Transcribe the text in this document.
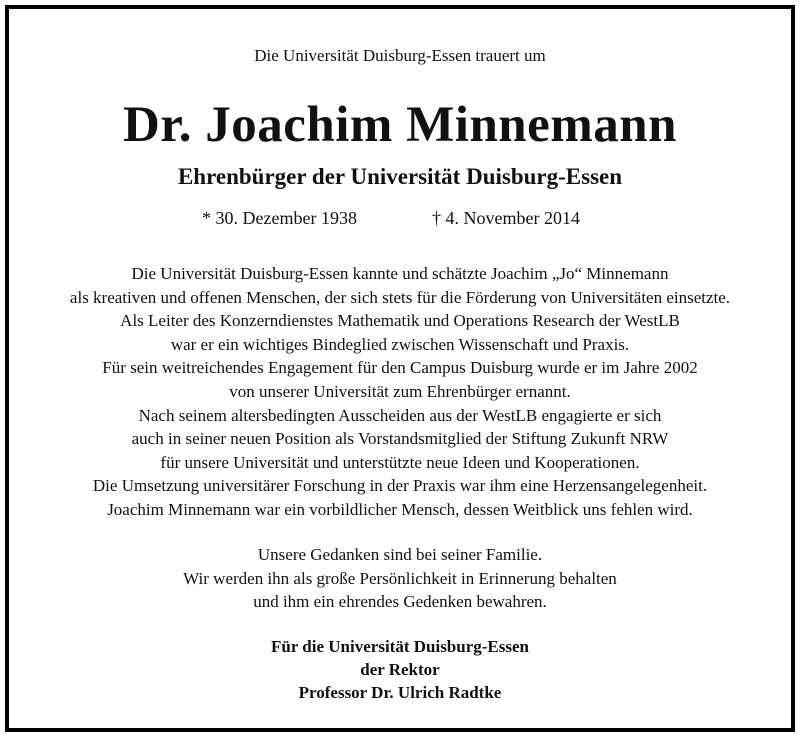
Die Universität Duisburg-Essen trauert um
Dr. Joachim Minnemann
Ehrenbürger der Universität Duisburg-Essen
* 30. Dezember 1938	† 4. November 2014
Die Universität Duisburg-Essen kannte und schätzte Joachim „Jo“ Minnemann
als kreativen und offenen Menschen, der sich stets für die Förderung von Universitäten einsetzte.
Als Leiter des Konzerndienstes Mathematik und Operations Research der WestLB
war er ein wichtiges Bindeglied zwischen Wissenschaft und Praxis.
Für sein weitreichendes Engagement für den Campus Duisburg wurde er im Jahre 2002
von unserer Universität zum Ehrenbürger ernannt.
Nach seinem altersbedingten Ausscheiden aus der WestLB engagierte er sich
auch in seiner neuen Position als Vorstandsmitglied der Stiftung Zukunft NRW
für unsere Universität und unterstützte neue Ideen und Kooperationen.
Die Umsetzung universitärer Forschung in der Praxis war ihm eine Herzensangelegenheit.
Joachim Minnemann war ein vorbildlicher Mensch, dessen Weitblick uns fehlen wird.
Unsere Gedanken sind bei seiner Familie.
Wir werden ihn als große Persönlichkeit in Erinnerung behalten
und ihm ein ehrendes Gedenken bewahren.
Für die Universität Duisburg-Essen
der Rektor
Professor Dr. Ulrich Radtke
